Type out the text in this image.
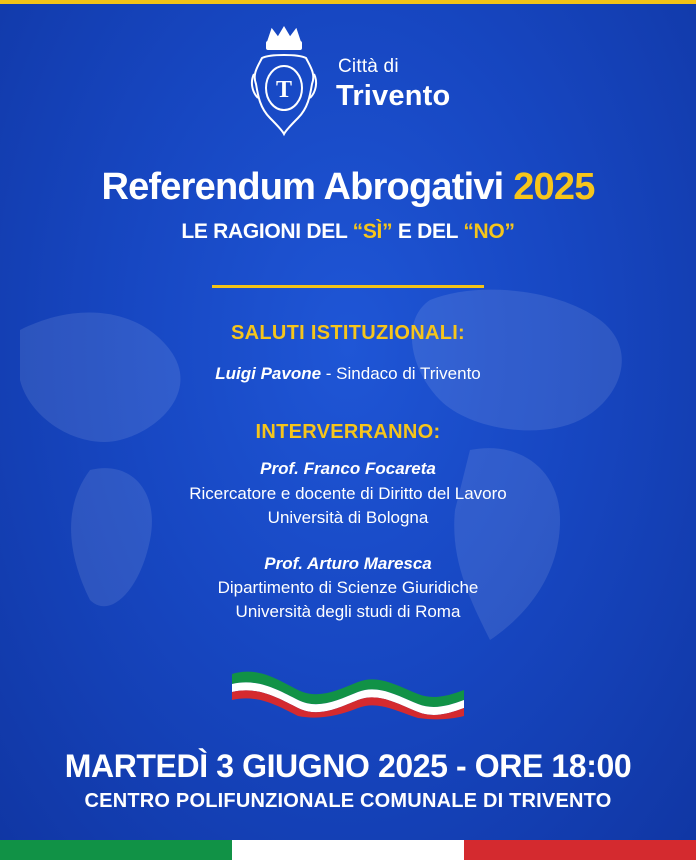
T
Città di
Trivento
Referendum Abrogativi 2025
LE RAGIONI DEL “SÌ” E DEL “NO”
SALUTI ISTITUZIONALI:
Luigi Pavone - Sindaco di Trivento
INTERVERRANNO:
Prof. Franco Focareta
Ricercatore e docente di Diritto del Lavoro
Università di Bologna
Prof. Arturo Maresca
Dipartimento di Scienze Giuridiche
Università degli studi di Roma
MARTEDÌ 3 GIUGNO 2025 - ORE 18:00
CENTRO POLIFUNZIONALE COMUNALE DI TRIVENTO
